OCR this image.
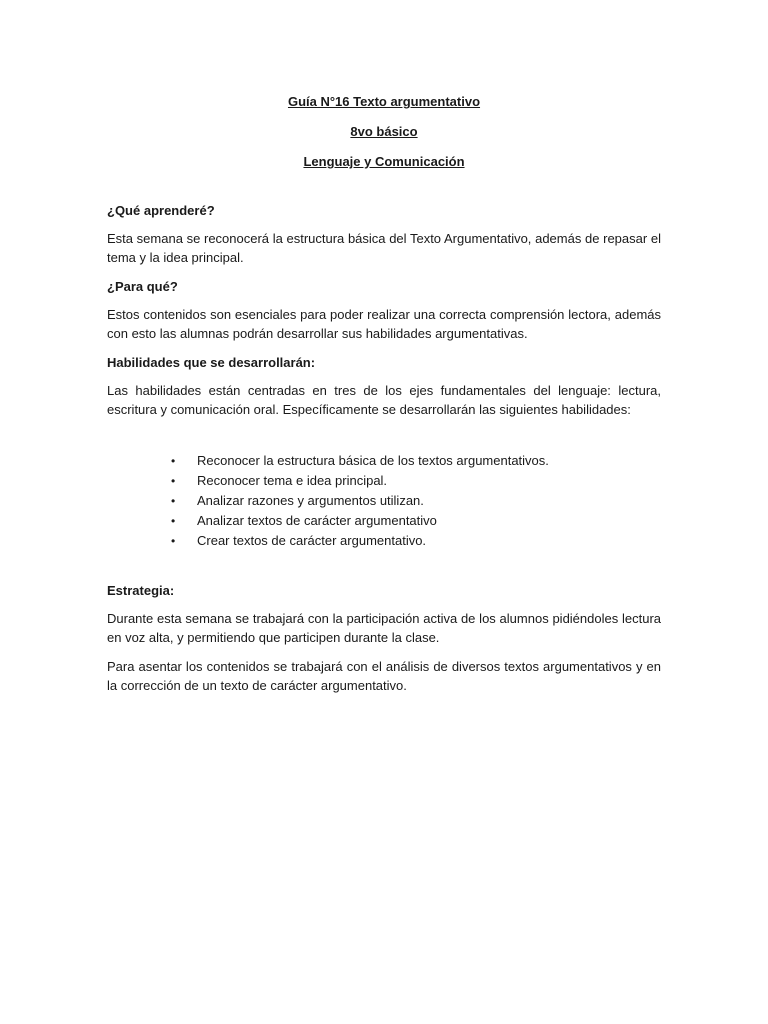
Guía N°16 Texto argumentativo

8vo básico

Lenguaje y Comunicación

¿Qué aprenderé?

Esta semana se reconocerá la estructura básica del Texto Argumentativo, además de repasar el tema y la idea principal.

¿Para qué?

Estos contenidos son esenciales para poder realizar una correcta comprensión lectora, además con esto las alumnas podrán desarrollar sus habilidades argumentativas.

Habilidades que se desarrollarán:

Las habilidades están centradas en tres de los ejes fundamentales del lenguaje: lectura, escritura y comunicación oral. Específicamente se desarrollarán las siguientes habilidades:

• Reconocer la estructura básica de los textos argumentativos.
• Reconocer tema e idea principal.
• Analizar razones y argumentos utilizan.
• Analizar textos de carácter argumentativo
• Crear textos de carácter argumentativo.

Estrategia:

Durante esta semana se trabajará con la participación activa de los alumnos pidiéndoles lectura en voz alta, y permitiendo que participen durante la clase.

Para asentar los contenidos se trabajará con el análisis de diversos textos argumentativos y en la corrección de un texto de carácter argumentativo.
